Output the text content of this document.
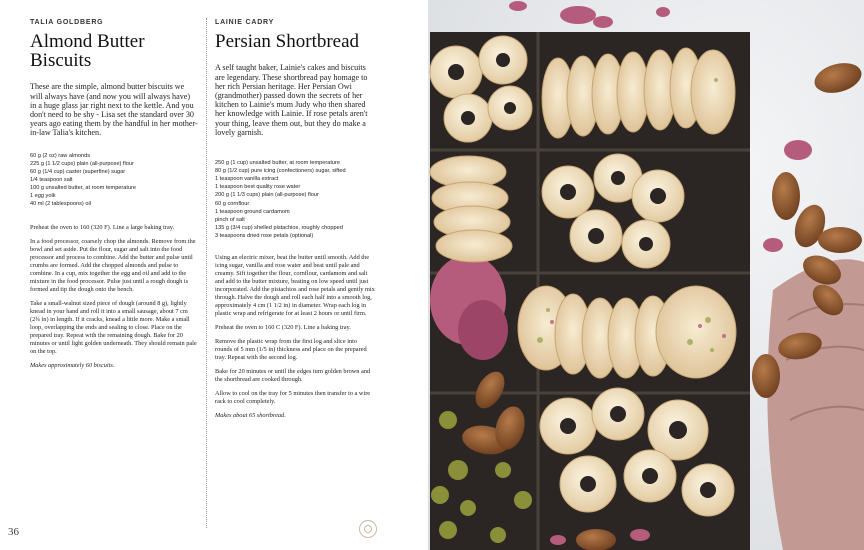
TALIA GOLDBERG
Almond Butter
Biscuits
These are the simple, almond butter biscuits we will always have (and now you will always have) in a huge glass jar right next to the kettle. And you don't need to be shy - Lisa set the standard over 30 years ago eating them by the handful in her mother- in-law Talia's kitchen.
60 g (2 oz) raw almonds
225 g (1 1/2 cups) plain (all-purpose) flour
60 g (1/4 cup) caster (superfine) sugar
1/4 teaspoon salt
100 g unsalted butter, at room temperature
1 egg yolk
40 ml (2 tablespoons) oil

Preheat the oven to 160 (320 F). Line a large baking tray.

In a food processor, coarsely chop the almonds. Remove from the bowl and set aside. Put the flour, sugar and salt into the food processor and process to combine. Add the butter and pulse until crumbs are formed. Add the chopped almonds and pulse to combine. In a cup, mix together the egg and oil and add to the mixture in the food processor. Pulse just until a rough dough is formed and tip the dough onto the bench.

Take a small-walnut sized piece of dough (around 8 g), lightly knead in your hand and roll it into a small sausage, about 7 cm (2¾ in) in length. If it cracks, knead a little more. Make a small loop, overlapping the ends and sealing to close. Place on the prepared tray. Repeat with the remaining dough. Bake for 20 minutes or until light golden underneath. They should remain pale on the top.

Makes approximately 60 biscuits.

LAINIE CADRY
Persian Shortbread
A self taught baker, Lainie's cakes and biscuits are legendary. These shortbread pay homage to her rich Persian heritage. Her Persian Owi (grandmother) passed down the secrets of her kitchen to Lainie's mum Judy who then shared her knowledge with Lainie. If rose petals aren't your thing, leave them out, but they do make a lovely garnish.
250 g (1 cup) unsalted butter, at room temperature
80 g (1/2 cup) pure icing (confectioners) sugar, sifted
1 teaspoon vanilla extract
1 teaspoon best quality rose water
200 g (1 1/3 cups) plain (all-purpose) flour
60 g cornflour
1 teaspoon ground cardamom
pinch of salt
135 g (3/4 cup) shelled pistachios, roughly chopped
3 teaspoons dried rose petals (optional)

Using an electric mixer, beat the butter until smooth. Add the icing sugar, vanilla and rose water and beat until pale and creamy. Sift together the flour, cornflour, cardamom and salt and add to the butter mixture, beating on low speed until just incorporated. Add the pistachios and rose petals and gently mix through. Halve the dough and roll each half into a smooth log, approximately 4 cm (1 1/2 in) in diameter. Wrap each log in plastic wrap and refrigerate for at least 2 hours or until firm.

Preheat the oven to 160 C (320 F). Line a baking tray.

Remove the plastic wrap from the first log and slice into rounds of 5 mm (1/5 in) thickness and place on the prepared tray. Repeat with the second log.

Bake for 20 minutes or until the edges turn golden brown and the shortbread are cooked through.

Allow to cool on the tray for 5 minutes then transfer to a wire rack to cool completely.

Makes about 65 shortbread.

36
